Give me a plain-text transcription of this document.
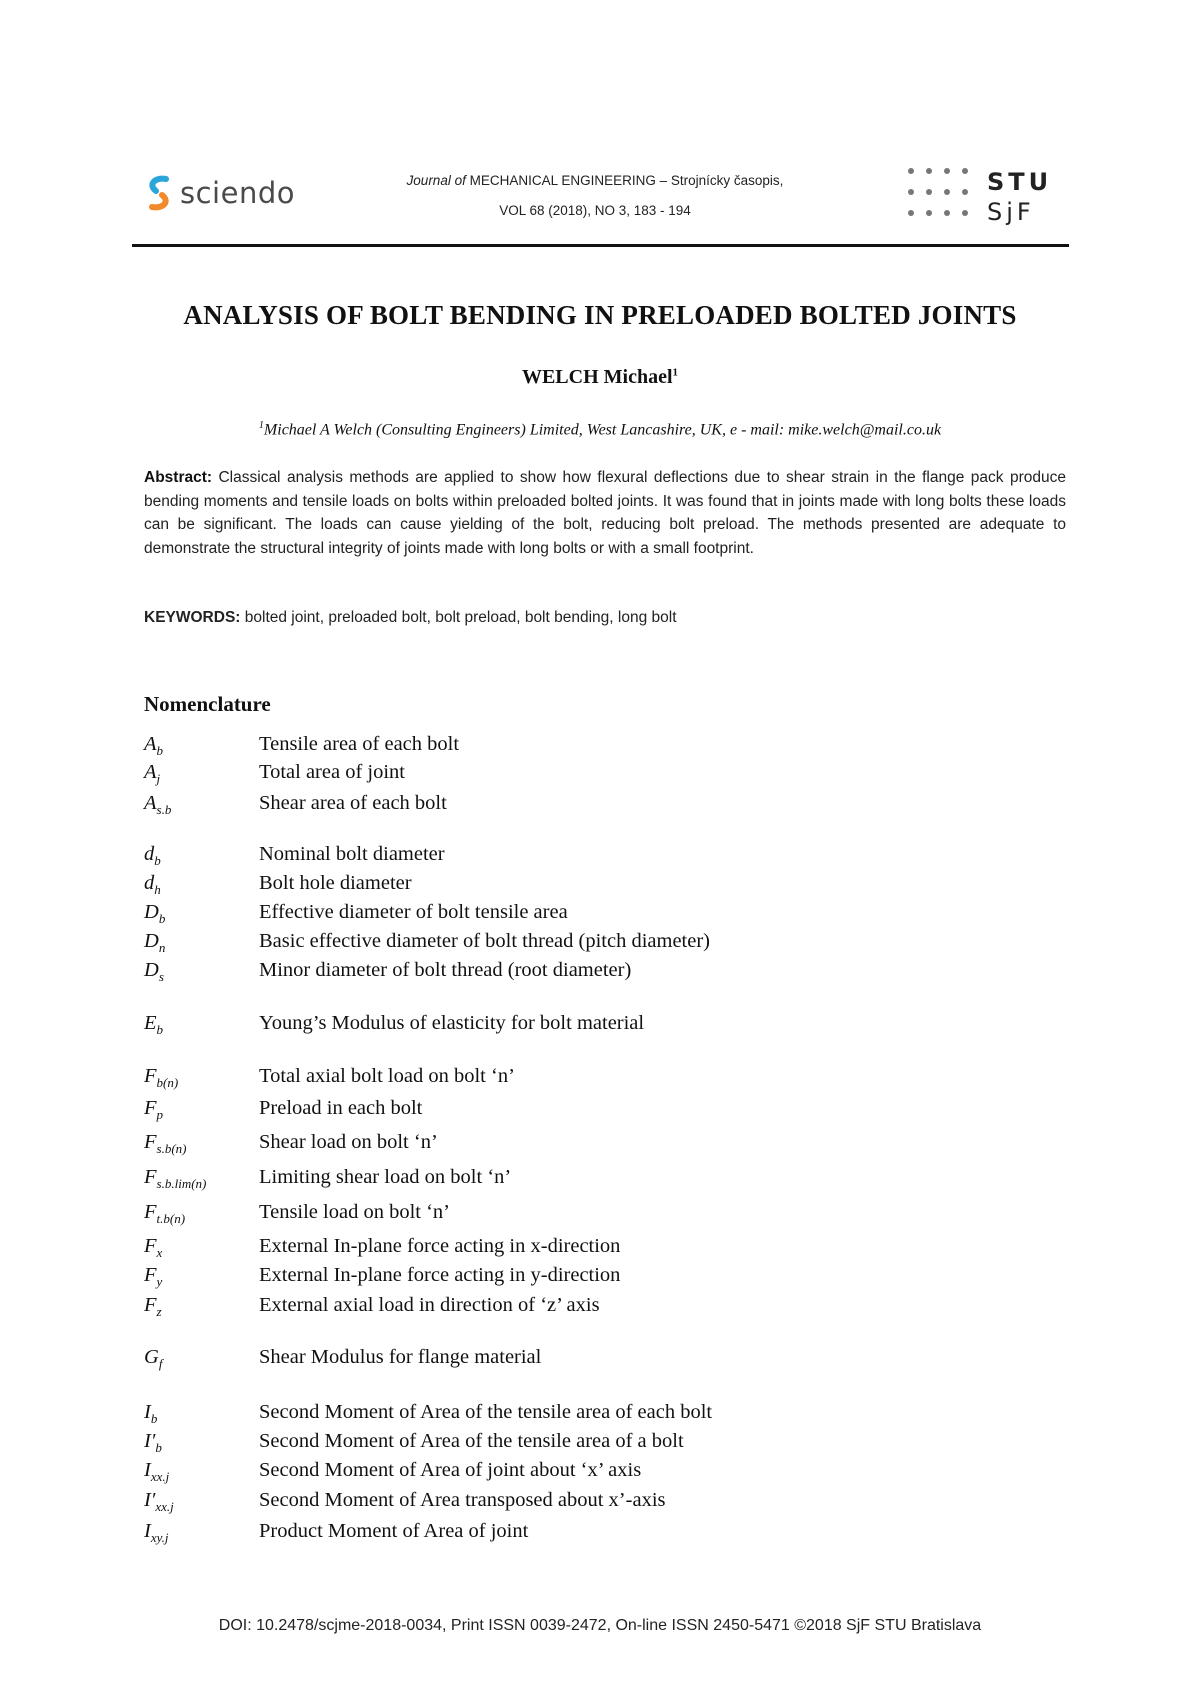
sciendo	Journal of MECHANICAL ENGINEERING – Strojnícky časopis,
VOL 68 (2018), NO 3, 183 - 194
STU
SjF
ANALYSIS OF BOLT BENDING IN PRELOADED BOLTED JOINTS
WELCH Michael$^1$
$^1$Michael A Welch (Consulting Engineers) Limited, West Lancashire, UK, e - mail: mike.welch@mail.co.uk
Abstract: Classical analysis methods are applied to show how flexural deflections due to shear strain in the flange pack produce bending moments and tensile loads on bolts within preloaded bolted joints. It was found that in joints made with long bolts these loads can be significant. The loads can cause yielding of the bolt, reducing bolt preload. The methods presented are adequate to demonstrate the structural integrity of joints made with long bolts or with a small footprint.
KEYWORDS: bolted joint, preloaded bolt, bolt preload, bolt bending, long bolt
Nomenclature
$A_b$	Tensile area of each bolt
$A_j$	Total area of joint
$A_{s.b}$	Shear area of each bolt
$d_b$	Nominal bolt diameter
$d_h$	Bolt hole diameter
$D_b$	Effective diameter of bolt tensile area
$D_n$	Basic effective diameter of bolt thread (pitch diameter)
$D_s$	Minor diameter of bolt thread (root diameter)
$E_b$	Young’s Modulus of elasticity for bolt material
$F_{b(n)}$	Total axial bolt load on bolt ‘n’
$F_p$	Preload in each bolt
$F_{s.b(n)}$	Shear load on bolt ‘n’
$F_{s.b.lim(n)}$	Limiting shear load on bolt ‘n’
$F_{t.b(n)}$	Tensile load on bolt ‘n’
$F_x$	External In-plane force acting in x-direction
$F_y$	External In-plane force acting in y-direction
$F_z$	External axial load in direction of ‘z’ axis
$G_f$	Shear Modulus for flange material
$I_b$	Second Moment of Area of the tensile area of each bolt
$I'_b$	Second Moment of Area of the tensile area of a bolt
$I_{xx.j}$	Second Moment of Area of joint about ‘x’ axis
$I'_{xx.j}$	Second Moment of Area transposed about x’-axis
$I_{xy.j}$	Product Moment of Area of joint
DOI: 10.2478/scjme-2018-0034, Print ISSN 0039-2472, On-line ISSN 2450-5471 ©2018 SjF STU Bratislava
